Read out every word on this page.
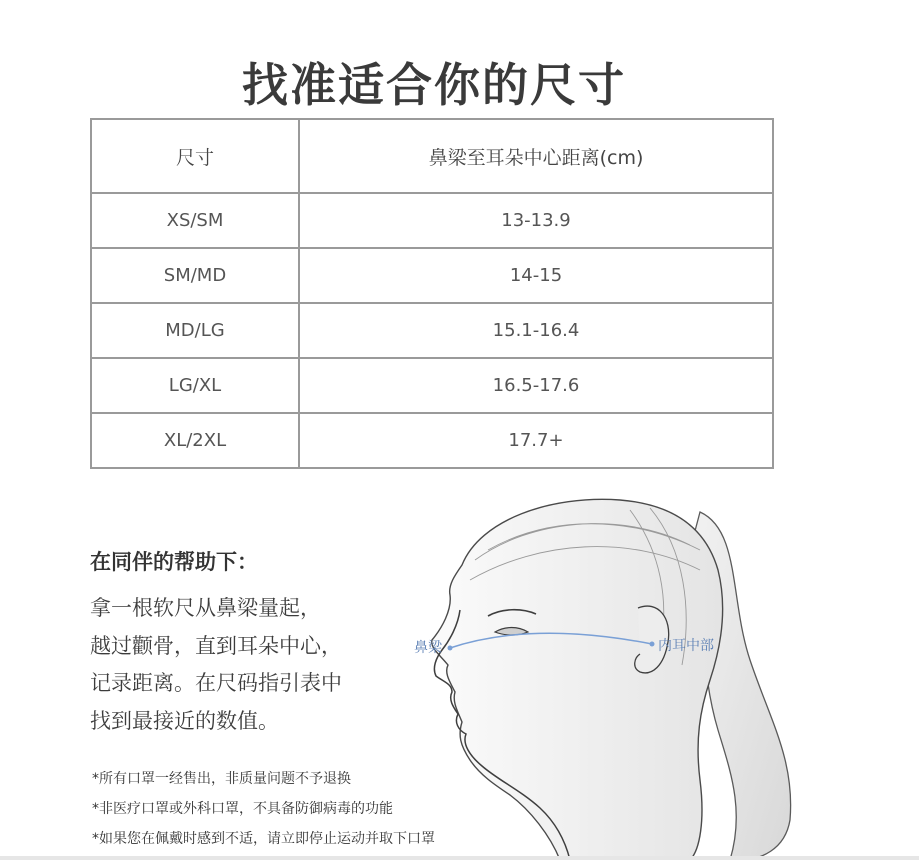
找准适合你的尺寸
尺寸	鼻梁至耳朵中心距离(cm)
XS/SM	13-13.9
SM/MD	14-15
MD/LG	15.1-16.4
LG/XL	16.5-17.6
XL/2XL	17.7+
鼻梁	内耳中部
在同伴的帮助下：
拿一根软尺从鼻梁量起，
越过颧骨，直到耳朵中心，
记录距离。在尺码指引表中
找到最接近的数值。
*所有口罩一经售出，非质量问题不予退换
*非医疗口罩或外科口罩，不具备防御病毒的功能
*如果您在佩戴时感到不适，请立即停止运动并取下口罩
